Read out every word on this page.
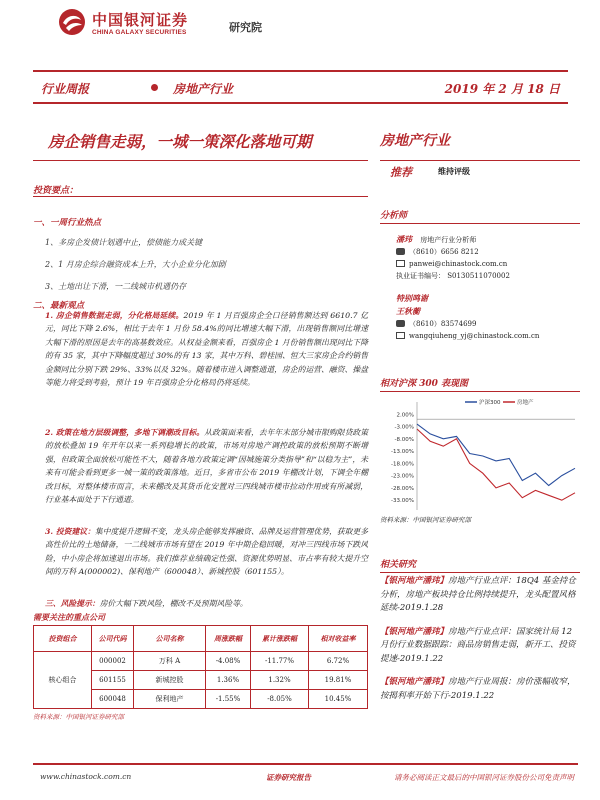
中国银河证券
CHINA GALAXY SECURITIES	研究院
行业周报	房地产行业	2019 年 2 月 18 日
房企销售走弱，一城一策深化落地可期	房地产行业
推荐	维持评级
分析师
潘玮 房地产行业分析师
（8610）6656 8212
panwei@chinastock.com.cn
执业证书编号： S0130511070002
特别鸣谢
王秋蘅
（8610）83574699
wangqiuheng_yj@chinastock.com.cn
相对沪深 300 表现图
2.00%
-3.00%
-8.00%
-13.00%
-18.00%
-23.00%
-28.00%
-33.00%
沪深300	房地产
资料来源：中国银河证券研究部
相关研究
【银河地产潘玮】房地产行业点评：18Q4 基金持仓分析，房地产板块持仓比例持续提升，龙头配置风格延续-2019.1.28
【银河地产潘玮】房地产行业点评：国家统计局 12 月份行业数据跟踪：商品房销售走弱，新开工、投资提速-2019.1.22
【银河地产潘玮】房地产行业周报：房价涨幅收窄，按揭利率开始下行-2019.1.22
投资要点：
一、一周行业热点
1、多房企发债计划遇中止，偿债能力成关键
2、1 月房企综合融资成本上升，大小企业分化加剧
3、土地出让下滑，一二线城市机遇仍存
二、最新观点
1. 房企销售数据走弱，分化格局延续。2019 年 1 月百强房企全口径销售额达到 6610.7 亿元，同比下降 2.6%，相比于去年 1 月份 58.4%的同比增速大幅下滑，出现销售额同比增速大幅下滑的原因是去年的高基数效应。从权益金额来看，百强房企 1 月份销售额出现同比下降的有 35 家，其中下降幅度超过 30%的有 13 家，其中万科、碧桂园、恒大三家房企合约销售金额同比分别下跌 29%、33%以及 32%。随着楼市进入调整通道，房企的运营、融资、操盘等能力将受到考验，预计 19 年百强房企分化格局仍将延续。
2. 政策在地方层级调整，多地下调潮改目标。从政策面来看，去年年末部分城市限购限贷政策的放松叠加 19 年开年以来一系列稳增长的政策，市场对房地产调控政策的放松预期不断增强，但政策全面放松可能性不大，随着各地方政策定调“因城施策分类指导”和“以稳为主”，未来有可能会看到更多一城一策的政策落地。近日，多省市公布 2019 年棚改计划，下调全年棚改目标，对整体楼市而言，未来棚改及其货币化安置对三四线城市楼市拉动作用或有所减弱，行业基本面处于下行通道。
3. 投资建议：集中度提升逻辑不变，龙头房企能够发挥融资、品牌及运营管理优势，获取更多高性价比的土地储备，一二线城市市场有望在 2019 年中期企稳回暖，对冲三四线市场下跌风险，中小房企将加速退出市场。我们推荐业绩确定性强、资源优势明显、市占率有较大提升空间的万科 A(000002)、保利地产（600048）、新城控股（601155）。
三、风险提示：房价大幅下跌风险，棚改不及预期风险等。
需要关注的重点公司
投资组合	公司代码	公司名称	周涨跌幅	累计涨跌幅	相对收益率
核心组合	000002	万科 A	-4.08%	-11.77%	6.72%
	601155	新城控股	1.36%	1.32%	19.81%
	600048	保利地产	-1.55%	-8.05%	10.45%
资料来源：中国银河证券研究部
www.chinastock.com.cn	证券研究报告	请务必阅读正文最后的中国银河证券股份公司免责声明
